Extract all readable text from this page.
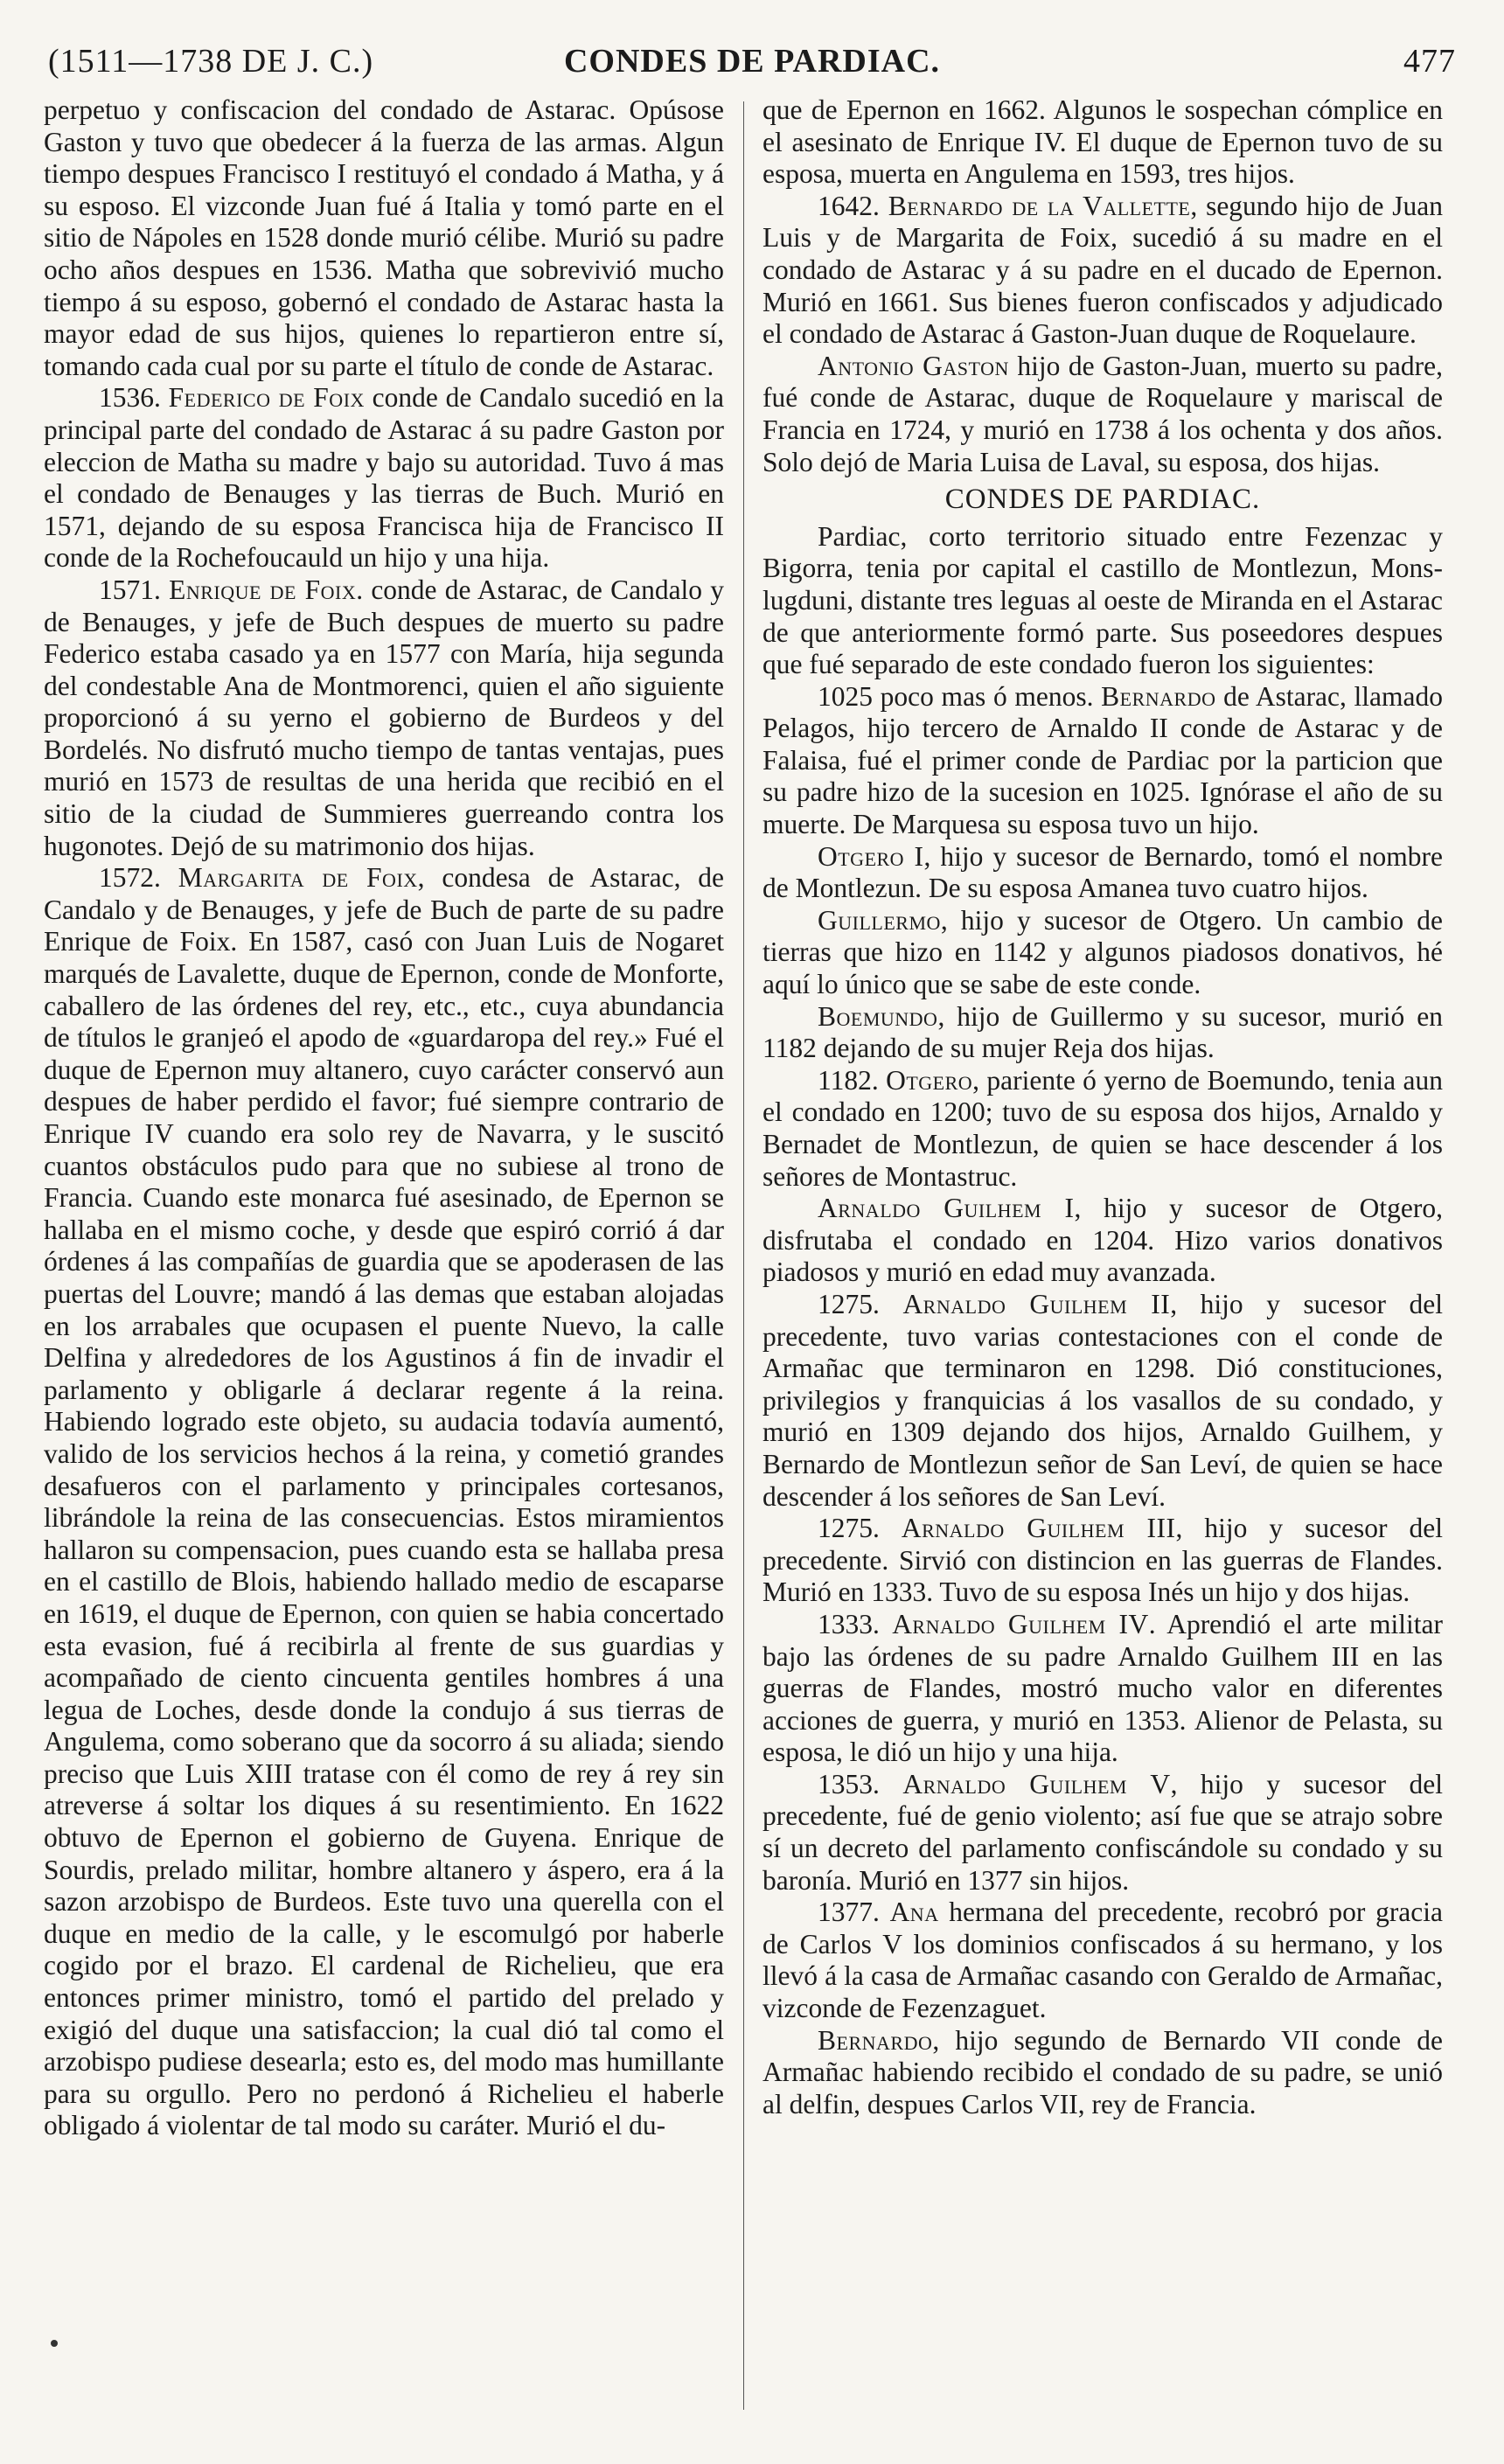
(1511—1738 DE J. C.)	CONDES DE PARDIAC.	477

perpetuo y confiscacion del condado de Astarac. Opúsose Gaston y tuvo que obedecer á la fuerza de las armas. Algun tiempo despues Francisco I restituyó el condado á Matha, y á su esposo. El vizconde Juan fué á Italia y tomó parte en el sitio de Nápoles en 1528 donde murió célibe. Murió su padre ocho años despues en 1536. Matha que sobrevivió mucho tiempo á su esposo, gobernó el condado de Astarac hasta la mayor edad de sus hijos, quienes lo repartieron entre sí, tomando cada cual por su parte el título de conde de Astarac.

1536. Federico de Foix conde de Candalo sucedió en la principal parte del condado de Astarac á su padre Gaston por eleccion de Matha su madre y bajo su autoridad. Tuvo á mas el condado de Benauges y las tierras de Buch. Murió en 1571, dejando de su esposa Francisca hija de Francisco II conde de la Rochefoucauld un hijo y una hija.

1571. Enrique de Foix. conde de Astarac, de Candalo y de Benauges, y jefe de Buch despues de muerto su padre Federico estaba casado ya en 1577 con María, hija segunda del condestable Ana de Montmorenci, quien el año siguiente proporcionó á su yerno el gobierno de Burdeos y del Bordelés. No disfrutó mucho tiempo de tantas ventajas, pues murió en 1573 de resultas de una herida que recibió en el sitio de la ciudad de Summieres guerreando contra los hugonotes. Dejó de su matrimonio dos hijas.

1572. Margarita de Foix, condesa de Astarac, de Candalo y de Benauges, y jefe de Buch de parte de su padre Enrique de Foix. En 1587, casó con Juan Luis de Nogaret marqués de Lavalette, duque de Epernon, conde de Monforte, caballero de las órdenes del rey, etc., etc., cuya abundancia de títulos le granjeó el apodo de «guardaropa del rey.» Fué el duque de Epernon muy altanero, cuyo carácter conservó aun despues de haber perdido el favor; fué siempre contrario de Enrique IV cuando era solo rey de Navarra, y le suscitó cuantos obstáculos pudo para que no subiese al trono de Francia. Cuando este monarca fué asesinado, de Epernon se hallaba en el mismo coche, y desde que espiró corrió á dar órdenes á las compañías de guardia que se apoderasen de las puertas del Louvre; mandó á las demas que estaban alojadas en los arrabales que ocupasen el puente Nuevo, la calle Delfina y alrededores de los Agustinos á fin de invadir el parlamento y obligarle á declarar regente á la reina. Habiendo logrado este objeto, su audacia todavía aumentó, valido de los servicios hechos á la reina, y cometió grandes desafueros con el parlamento y principales cortesanos, librándole la reina de las consecuencias. Estos miramientos hallaron su compensacion, pues cuando esta se hallaba presa en el castillo de Blois, habiendo hallado medio de escaparse en 1619, el duque de Epernon, con quien se habia concertado esta evasion, fué á recibirla al frente de sus guardias y acompañado de ciento cincuenta gentiles hombres á una legua de Loches, desde donde la condujo á sus tierras de Angulema, como soberano que da socorro á su aliada; siendo preciso que Luis XIII tratase con él como de rey á rey sin atreverse á soltar los diques á su resentimiento. En 1622 obtuvo de Epernon el gobierno de Guyena. Enrique de Sourdis, prelado militar, hombre altanero y áspero, era á la sazon arzobispo de Burdeos. Este tuvo una querella con el duque en medio de la calle, y le escomulgó por haberle cogido por el brazo. El cardenal de Richelieu, que era entonces primer ministro, tomó el partido del prelado y exigió del duque una satisfaccion; la cual dió tal como el arzobispo pudiese desearla; esto es, del modo mas humillante para su orgullo. Pero no perdonó á Richelieu el haberle obligado á violentar de tal modo su caráter. Murió el du-

que de Epernon en 1662. Algunos le sospechan cómplice en el asesinato de Enrique IV. El duque de Epernon tuvo de su esposa, muerta en Angulema en 1593, tres hijos.

1642. Bernardo de la Vallette, segundo hijo de Juan Luis y de Margarita de Foix, sucedió á su madre en el condado de Astarac y á su padre en el ducado de Epernon. Murió en 1661. Sus bienes fueron confiscados y adjudicado el condado de Astarac á Gaston-Juan duque de Roquelaure.

Antonio Gaston hijo de Gaston-Juan, muerto su padre, fué conde de Astarac, duque de Roquelaure y mariscal de Francia en 1724, y murió en 1738 á los ochenta y dos años. Solo dejó de Maria Luisa de Laval, su esposa, dos hijas.

CONDES DE PARDIAC.

Pardiac, corto territorio situado entre Fezenzac y Bigorra, tenia por capital el castillo de Montlezun, Mons-lugduni, distante tres leguas al oeste de Miranda en el Astarac de que anteriormente formó parte. Sus poseedores despues que fué separado de este condado fueron los siguientes:

1025 poco mas ó menos. Bernardo de Astarac, llamado Pelagos, hijo tercero de Arnaldo II conde de Astarac y de Falaisa, fué el primer conde de Pardiac por la particion que su padre hizo de la sucesion en 1025. Ignórase el año de su muerte. De Marquesa su esposa tuvo un hijo.

Otgero I, hijo y sucesor de Bernardo, tomó el nombre de Montlezun. De su esposa Amanea tuvo cuatro hijos.

Guillermo, hijo y sucesor de Otgero. Un cambio de tierras que hizo en 1142 y algunos piadosos donativos, hé aquí lo único que se sabe de este conde.

Boemundo, hijo de Guillermo y su sucesor, murió en 1182 dejando de su mujer Reja dos hijas.

1182. Otgero, pariente ó yerno de Boemundo, tenia aun el condado en 1200; tuvo de su esposa dos hijos, Arnaldo y Bernadet de Montlezun, de quien se hace descender á los señores de Montastruc.

Arnaldo Guilhem I, hijo y sucesor de Otgero, disfrutaba el condado en 1204. Hizo varios donativos piadosos y murió en edad muy avanzada.

1275. Arnaldo Guilhem II, hijo y sucesor del precedente, tuvo varias contestaciones con el conde de Armañac que terminaron en 1298. Dió constituciones, privilegios y franquicias á los vasallos de su condado, y murió en 1309 dejando dos hijos, Arnaldo Guilhem, y Bernardo de Montlezun señor de San Leví, de quien se hace descender á los señores de San Leví.

1275. Arnaldo Guilhem III, hijo y sucesor del precedente. Sirvió con distincion en las guerras de Flandes. Murió en 1333. Tuvo de su esposa Inés un hijo y dos hijas.

1333. Arnaldo Guilhem IV. Aprendió el arte militar bajo las órdenes de su padre Arnaldo Guilhem III en las guerras de Flandes, mostró mucho valor en diferentes acciones de guerra, y murió en 1353. Alienor de Pelasta, su esposa, le dió un hijo y una hija.

1353. Arnaldo Guilhem V, hijo y sucesor del precedente, fué de genio violento; así fue que se atrajo sobre sí un decreto del parlamento confiscándole su condado y su baronía. Murió en 1377 sin hijos.

1377. Ana hermana del precedente, recobró por gracia de Carlos V los dominios confiscados á su hermano, y los llevó á la casa de Armañac casando con Geraldo de Armañac, vizconde de Fezenzaguet.

Bernardo, hijo segundo de Bernardo VII conde de Armañac habiendo recibido el condado de su padre, se unió al delfin, despues Carlos VII, rey de Francia.
